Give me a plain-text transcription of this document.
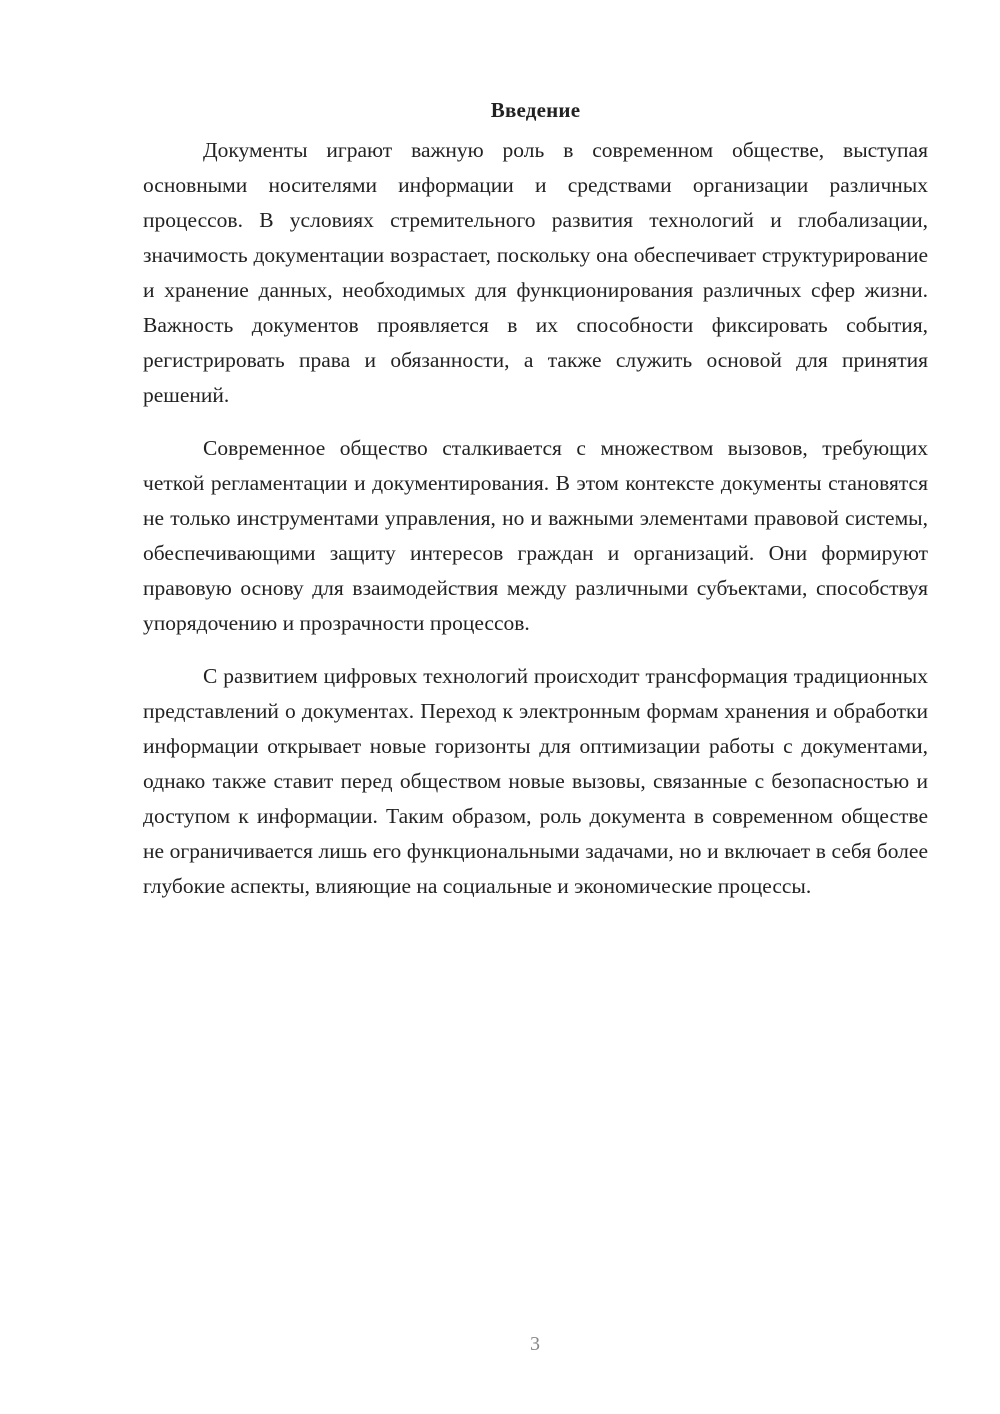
Введение

Документы играют важную роль в современном обществе, выступая основными носителями информации и средствами организации различных процессов. В условиях стремительного развития технологий и глобализации, значимость документации возрастает, поскольку она обеспечивает структурирование и хранение данных, необходимых для функционирования различных сфер жизни. Важность документов проявляется в их способности фиксировать события, регистрировать права и обязанности, а также служить основой для принятия решений.

Современное общество сталкивается с множеством вызовов, требующих четкой регламентации и документирования. В этом контексте документы становятся не только инструментами управления, но и важными элементами правовой системы, обеспечивающими защиту интересов граждан и организаций. Они формируют правовую основу для взаимодействия между различными субъектами, способствуя упорядочению и прозрачности процессов.

С развитием цифровых технологий происходит трансформация традиционных представлений о документах. Переход к электронным формам хранения и обработки информации открывает новые горизонты для оптимизации работы с документами, однако также ставит перед обществом новые вызовы, связанные с безопасностью и доступом к информации. Таким образом, роль документа в современном обществе не ограничивается лишь его функциональными задачами, но и включает в себя более глубокие аспекты, влияющие на социальные и экономические процессы.

3
